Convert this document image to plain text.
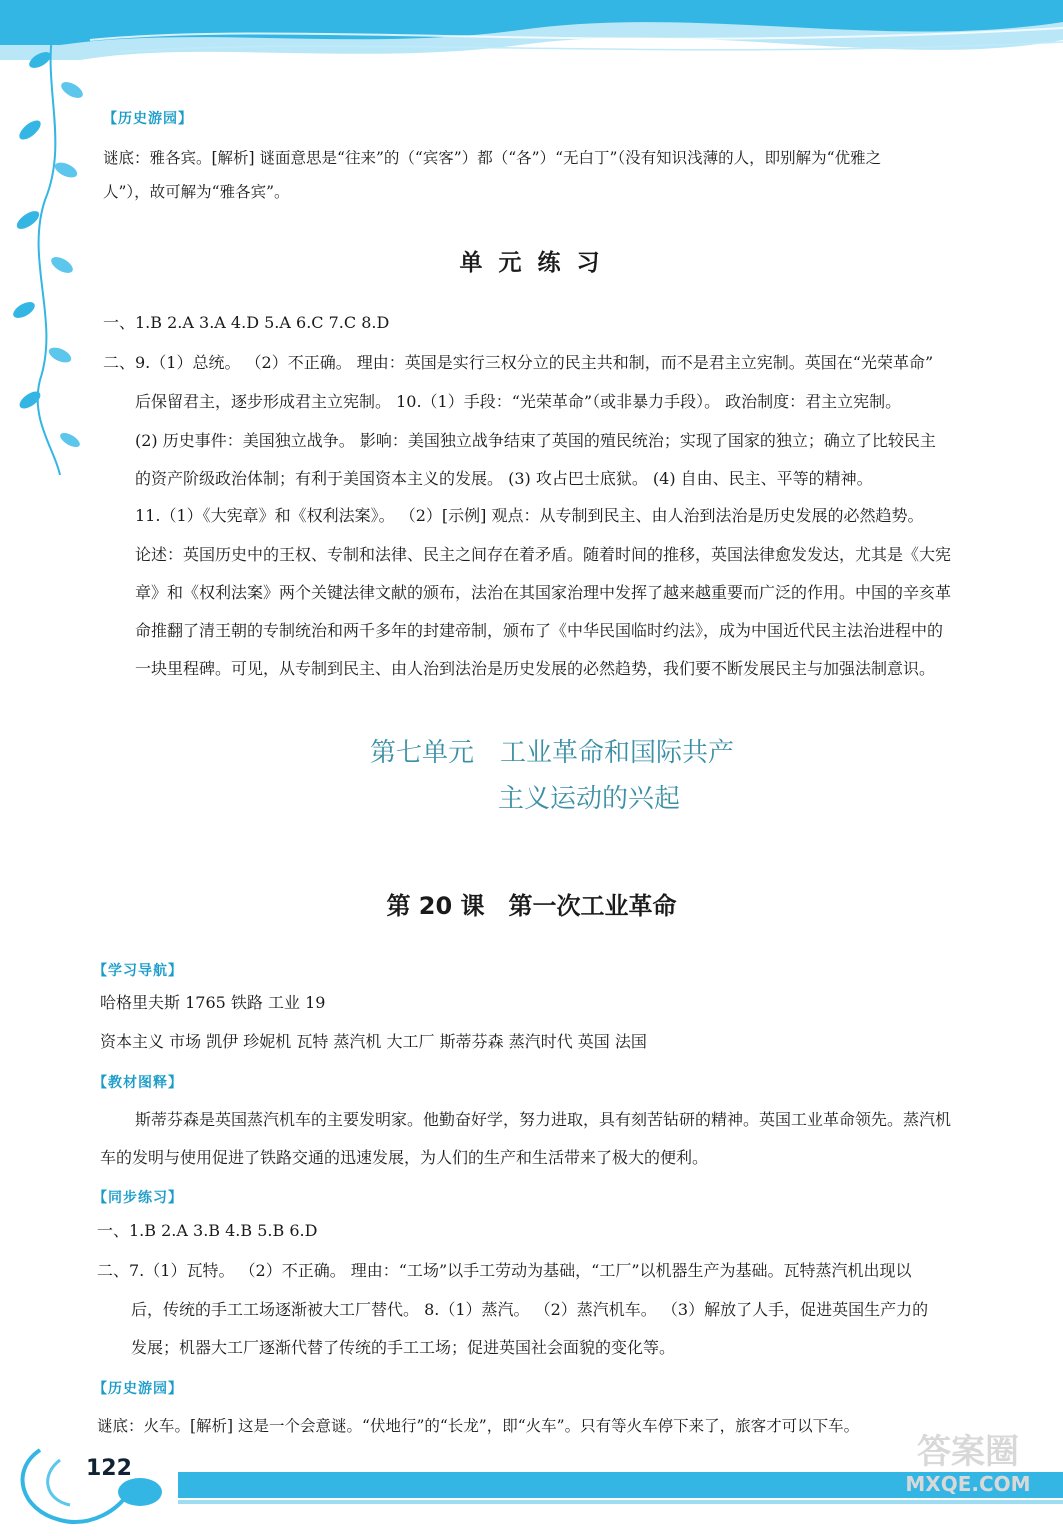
【历史游园】
谜底：雅各宾。[解析] 谜面意思是“往来”的（“宾客”）都（“各”）“无白丁”（没有知识浅薄的人，即别解为“优雅之
人”），故可解为“雅各宾”。
单 元 练 习
一、1.B 2.A 3.A 4.D 5.A 6.C 7.C 8.D
二、9.（1）总统。 （2）不正确。 理由：英国是实行三权分立的民主共和制，而不是君主立宪制。英国在“光荣革命”
后保留君主，逐步形成君主立宪制。 10.（1）手段：“光荣革命”（或非暴力手段）。 政治制度：君主立宪制。
(2) 历史事件：美国独立战争。 影响：美国独立战争结束了英国的殖民统治；实现了国家的独立；确立了比较民主
的资产阶级政治体制；有利于美国资本主义的发展。 (3) 攻占巴士底狱。 (4) 自由、民主、平等的精神。
11.（1）《大宪章》和《权利法案》。 （2）[示例] 观点：从专制到民主、由人治到法治是历史发展的必然趋势。
论述：英国历史中的王权、专制和法律、民主之间存在着矛盾。随着时间的推移，英国法律愈发发达，尤其是《大宪
章》和《权利法案》两个关键法律文献的颁布，法治在其国家治理中发挥了越来越重要而广泛的作用。中国的辛亥革
命推翻了清王朝的专制统治和两千多年的封建帝制，颁布了《中华民国临时约法》，成为中国近代民主法治进程中的
一块里程碑。可见，从专制到民主、由人治到法治是历史发展的必然趋势，我们要不断发展民主与加强法制意识。
第七单元　工业革命和国际共产
主义运动的兴起
第 20 课　第一次工业革命
【学习导航】
哈格里夫斯 1765 铁路 工业 19
资本主义 市场 凯伊 珍妮机 瓦特 蒸汽机 大工厂 斯蒂芬森 蒸汽时代 英国 法国
【教材图释】
斯蒂芬森是英国蒸汽机车的主要发明家。他勤奋好学，努力进取，具有刻苦钻研的精神。英国工业革命领先。蒸汽机
车的发明与使用促进了铁路交通的迅速发展，为人们的生产和生活带来了极大的便利。
【同步练习】
一、1.B 2.A 3.B 4.B 5.B 6.D
二、7.（1）瓦特。 （2）不正确。 理由：“工场”以手工劳动为基础，“工厂”以机器生产为基础。瓦特蒸汽机出现以
后，传统的手工工场逐渐被大工厂替代。 8.（1）蒸汽。 （2）蒸汽机车。 （3）解放了人手，促进英国生产力的
发展；机器大工厂逐渐代替了传统的手工工场；促进英国社会面貌的变化等。
【历史游园】
谜底：火车。[解析] 这是一个会意谜。“伏地行”的“长龙”，即“火车”。只有等火车停下来了，旅客才可以下车。
122	答案圈
MXQE.COM
